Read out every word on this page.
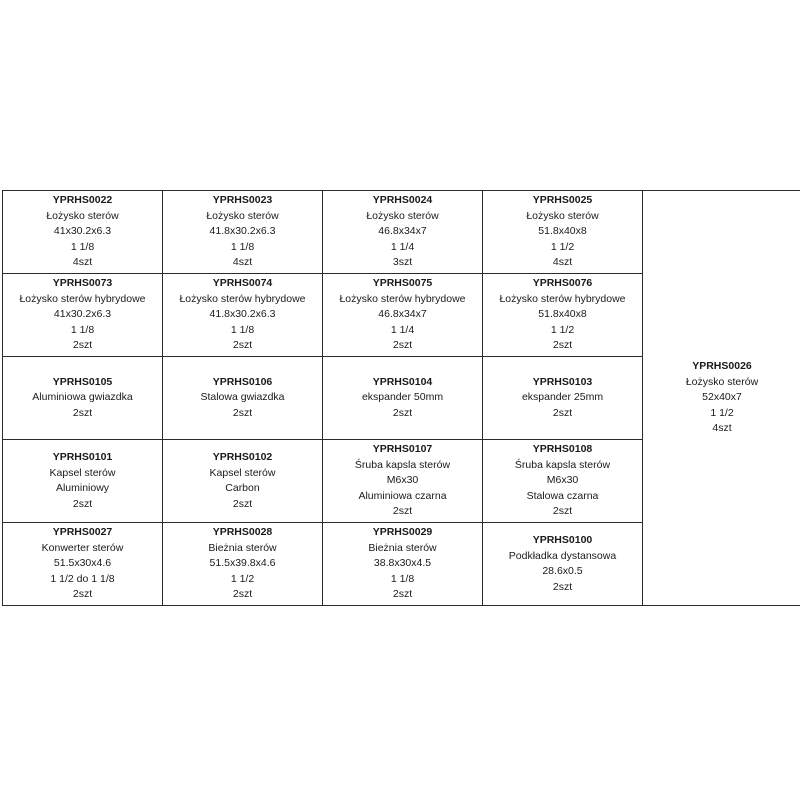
YPRHS0022
Łożysko sterów
41x30.2x6.3
1 1/8
4szt	YPRHS0023
Łożysko sterów
41.8x30.2x6.3
1 1/8
4szt	YPRHS0024
Łożysko sterów
46.8x34x7
1 1/4
3szt	YPRHS0025
Łożysko sterów
51.8x40x8
1 1/2
4szt	YPRHS0026
Łożysko sterów
52x40x7
1 1/2
4szt

YPRHS0073
Łożysko sterów hybrydowe
41x30.2x6.3
1 1/8
2szt	YPRHS0074
Łożysko sterów hybrydowe
41.8x30.2x6.3
1 1/8
2szt	YPRHS0075
Łożysko sterów hybrydowe
46.8x34x7
1 1/4
2szt	YPRHS0076
Łożysko sterów hybrydowe
51.8x40x8
1 1/2
2szt	

YPRHS0105
Aluminiowa gwiazdka
2szt	YPRHS0106
Stalowa gwiazdka
2szt	YPRHS0104
ekspander 50mm
2szt	YPRHS0103
ekspander 25mm
2szt	

YPRHS0101
Kapsel sterów
Aluminiowy
2szt	YPRHS0102
Kapsel sterów
Carbon
2szt	YPRHS0107
Śruba kapsla sterów
M6x30
Aluminiowa czarna
2szt	YPRHS0108
Śruba kapsla sterów
M6x30
Stalowa czarna
2szt	

YPRHS0027
Konwerter sterów
51.5x30x4.6
1 1/2 do 1 1/8
2szt	YPRHS0028
Bieżnia sterów
51.5x39.8x4.6
1 1/2
2szt	YPRHS0029
Bieżnia sterów
38.8x30x4.5
1 1/8
2szt	YPRHS0100
Podkładka dystansowa
28.6x0.5
2szt	
